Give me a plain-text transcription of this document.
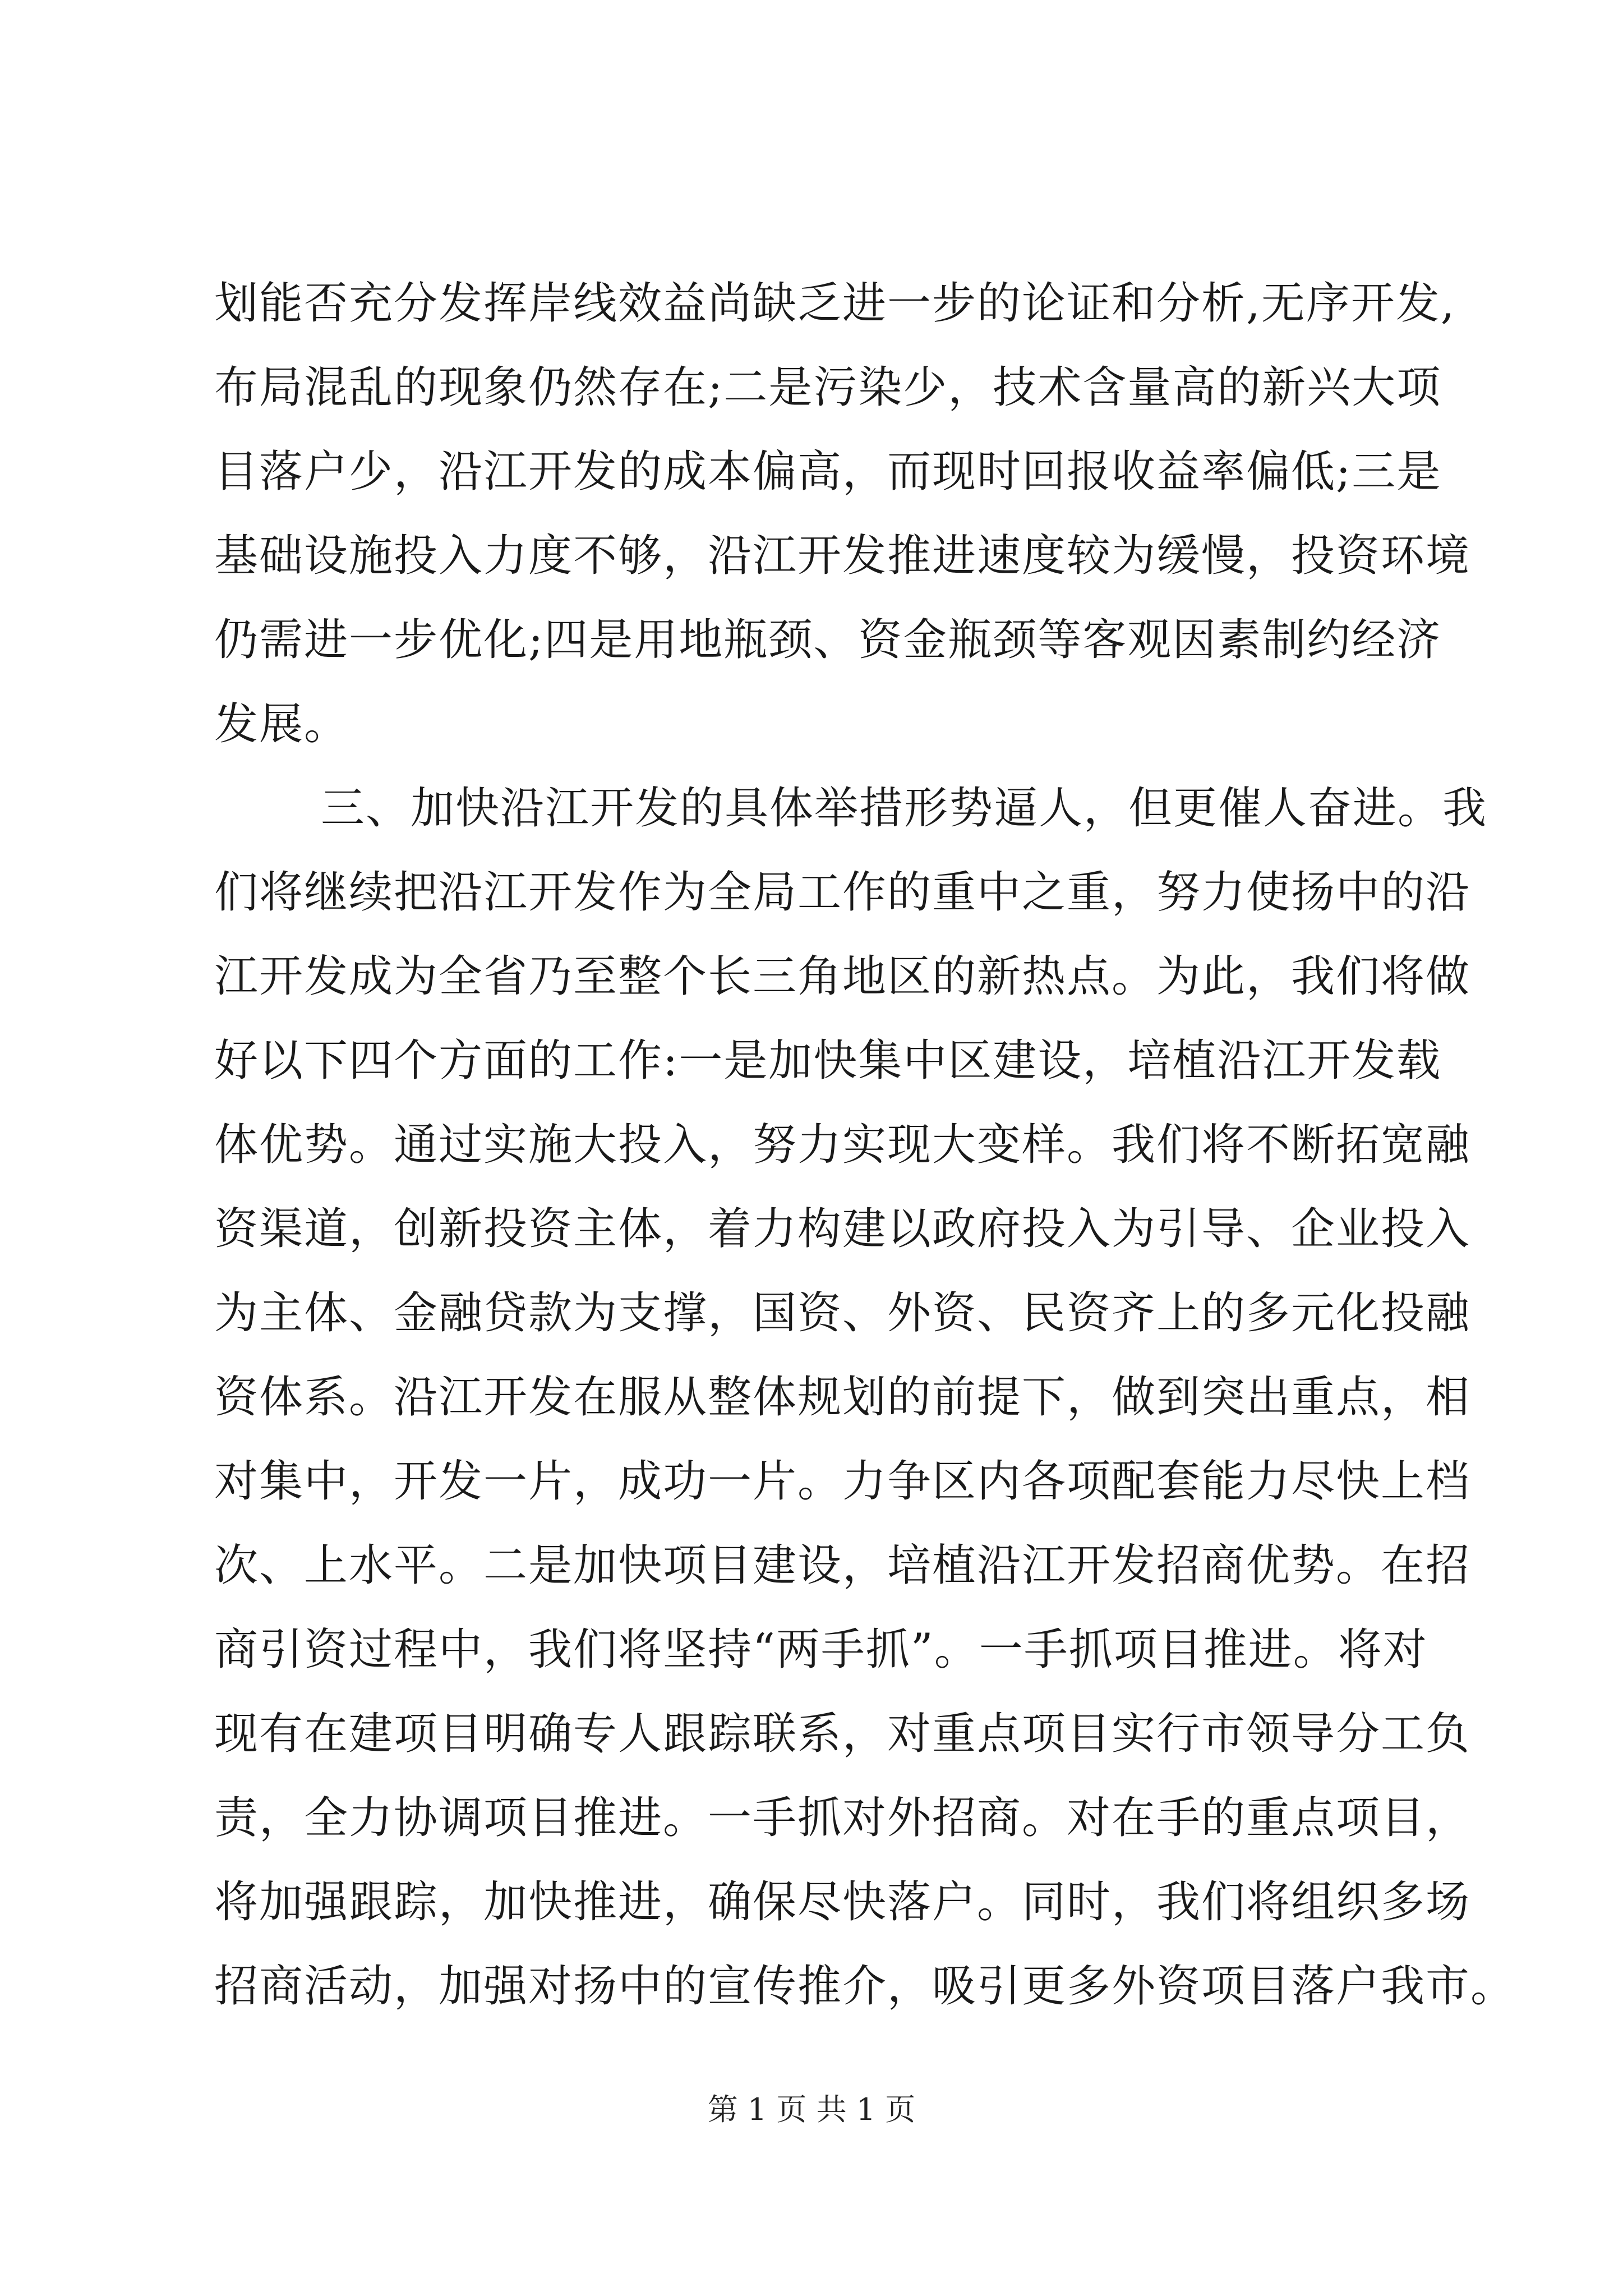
划能否充分发挥岸线效益尚缺乏进一步的论证和分析,无序开发,
布局混乱的现象仍然存在;二是污染少，技术含量高的新兴大项
目落户少，沿江开发的成本偏高，而现时回报收益率偏低;三是
基础设施投入力度不够，沿江开发推进速度较为缓慢，投资环境
仍需进一步优化;四是用地瓶颈、资金瓶颈等客观因素制约经济
发展。
三、加快沿江开发的具体举措形势逼人，但更催人奋进。我
们将继续把沿江开发作为全局工作的重中之重，努力使扬中的沿
江开发成为全省乃至整个长三角地区的新热点。为此，我们将做
好以下四个方面的工作:一是加快集中区建设，培植沿江开发载
体优势。通过实施大投入，努力实现大变样。我们将不断拓宽融
资渠道，创新投资主体，着力构建以政府投入为引导、企业投入
为主体、金融贷款为支撑，国资、外资、民资齐上的多元化投融
资体系。沿江开发在服从整体规划的前提下，做到突出重点，相
对集中，开发一片，成功一片。力争区内各项配套能力尽快上档
次、上水平。二是加快项目建设，培植沿江开发招商优势。在招
商引资过程中，我们将坚持“两手抓”。一手抓项目推进。将对
现有在建项目明确专人跟踪联系，对重点项目实行市领导分工负
责，全力协调项目推进。一手抓对外招商。对在手的重点项目，
将加强跟踪，加快推进，确保尽快落户。同时，我们将组织多场
招商活动，加强对扬中的宣传推介，吸引更多外资项目落户我市。
第 1 页 共 1 页
